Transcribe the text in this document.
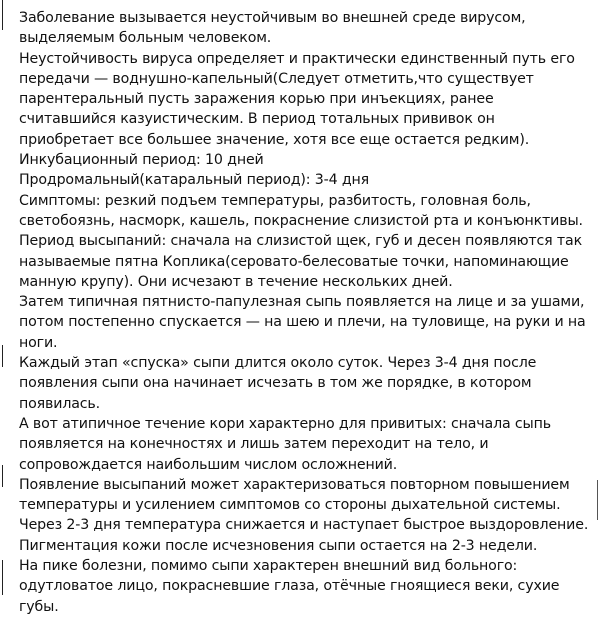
Заболевание вызывается неустойчивым во внешней среде вирусом, выделяемым больным человеком.

Неустойчивость вируса определяет и практически единственный путь его передачи — воднушно-капельный(Следует отметить,что существует парентеральный пусть заражения корью при инъекциях, ранее считавшийся казуистическим. В период тотальных прививок он приобретает все большее значение, хотя все еще остается редким).

Инкубационный период: 10 дней

Продромальный(катаральный период): 3-4 дня

Симптомы: резкий подъем температуры, разбитость, головная боль, светобоязнь, насморк, кашель, покраснение слизистой рта и конъюнктивы.

Период высыпаний: сначала на слизистой щек, губ и десен появляются так называемые пятна Коплика(серовато-белесоватые точки, напоминающие манную крупу). Они исчезают в течение нескольких дней.

Затем типичная пятнисто-папулезная сыпь появляется на лице и за ушами, потом постепенно спускается — на шею и плечи, на туловище, на руки и на ноги.

Каждый этап «спуска» сыпи длится около суток. Через 3-4 дня после появления сыпи она начинает исчезать в том же порядке, в котором появилась.

А вот атипичное течение кори характерно для привитых: сначала сыпь появляется на конечностях и лишь затем переходит на тело, и сопровождается наибольшим числом осложнений.

Появление высыпаний может характеризоваться повторном повышением температуры и усилением симптомов со стороны дыхательной системы. Через 2-3 дня температура снижается и наступает быстрое выздоровление.

Пигментация кожи после исчезновения сыпи остается на 2-3 недели.

На пике болезни, помимо сыпи характерен внешний вид больного: одутловатое лицо, покрасневшие глаза, отёчные гноящиеся веки, сухие губы.
